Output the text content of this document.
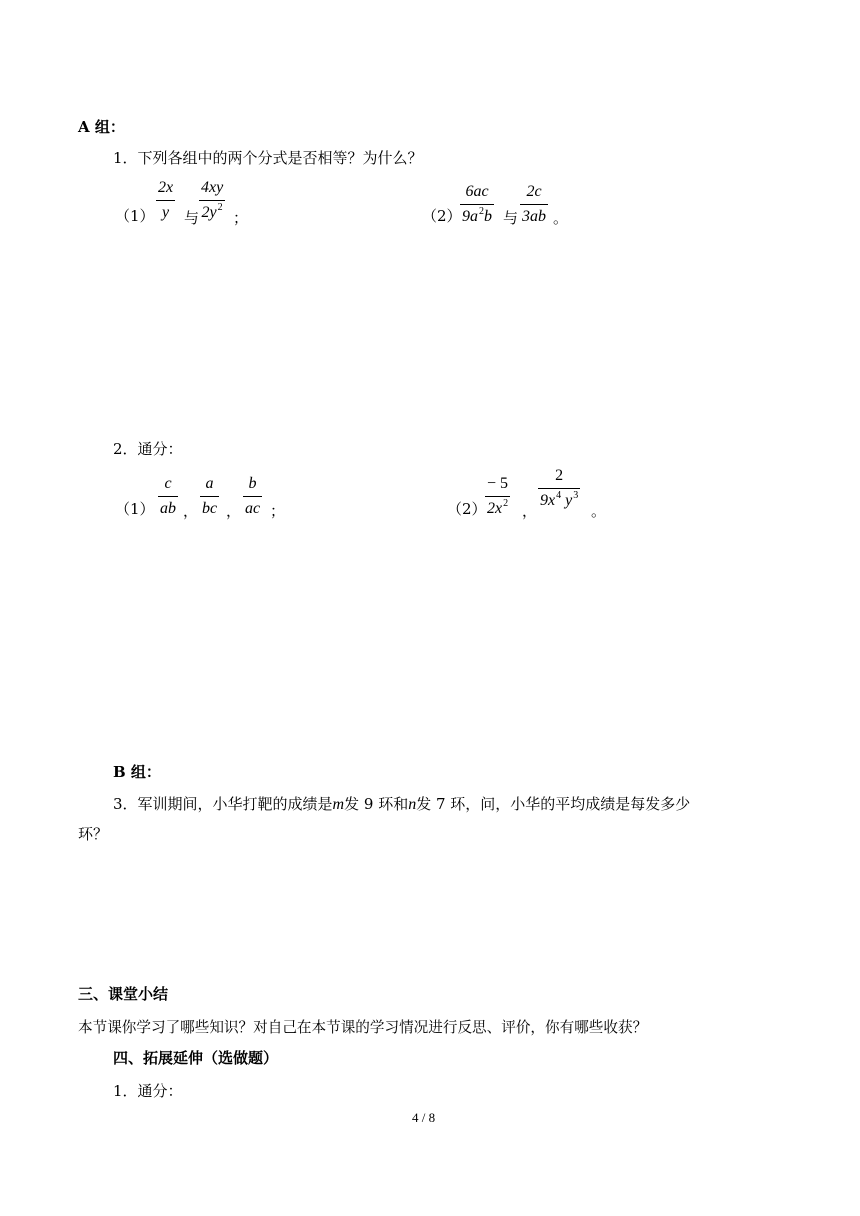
A 组：
1．下列各组中的两个分式是否相等？为什么？
（1）
2x
y 与
4xy
$2y^2$
；	（2）
6ac
$9a^2b$ 与
2c
3ab 。
2．通分：
（1）
c
ab ，
a
bc ，
b
ac ；	（2）
− 5
$2x^2$ ，
2
$9x^4$ $y^3$
。
B 组：
3．军训期间，小华打靶的成绩是m发 9 环和n发 7 环，问，小华的平均成绩是每发多少
环？
三、课堂小结
本节课你学习了哪些知识？对自己在本节课的学习情况进行反思、评价，你有哪些收获？
四、拓展延伸（选做题）
1．通分：
4 / 8
